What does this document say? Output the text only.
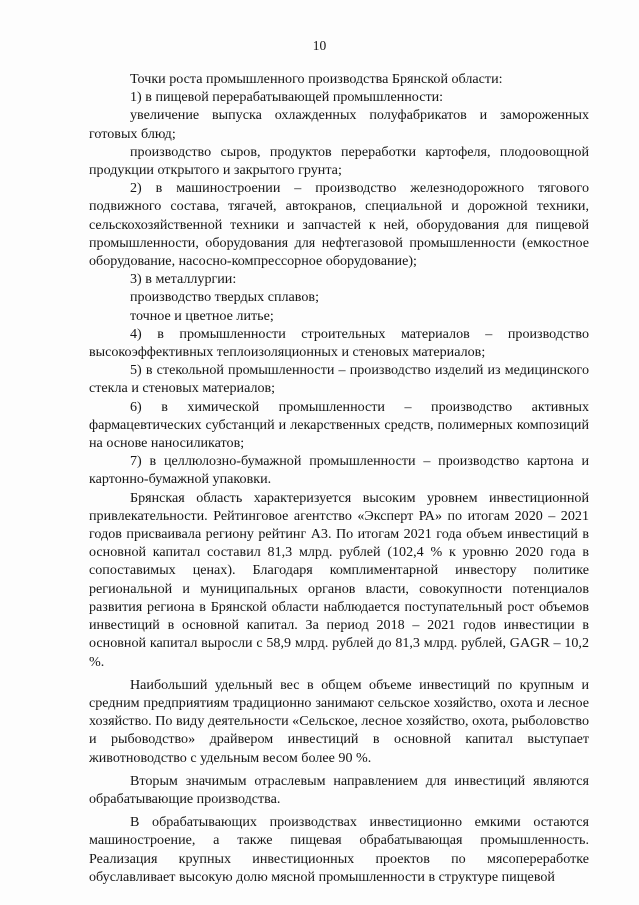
10

Точки роста промышленного производства Брянской области:

1) в пищевой перерабатывающей промышленности:

увеличение выпуска охлажденных полуфабрикатов и замороженных готовых блюд;

производство сыров, продуктов переработки картофеля, плодоовощной продукции открытого и закрытого грунта;

2) в машиностроении – производство железнодорожного тягового подвижного состава, тягачей, автокранов, специальной и дорожной техники, сельскохозяйственной техники и запчастей к ней, оборудования для пищевой промышленности, оборудования для нефтегазовой промышленности (емкостное оборудование, насосно-компрессорное оборудование);

3) в металлургии:

производство твердых сплавов;

точное и цветное литье;

4) в промышленности строительных материалов – производство высокоэффективных теплоизоляционных и стеновых материалов;

5) в стекольной промышленности – производство изделий из медицинского стекла и стеновых материалов;

6) в химической промышленности – производство активных фармацевтических субстанций и лекарственных средств, полимерных композиций на основе наносиликатов;

7) в целлюлозно-бумажной промышленности – производство картона и картонно-бумажной упаковки.

Брянская область характеризуется высоким уровнем инвестиционной привлекательности. Рейтинговое агентство «Эксперт РА» по итогам 2020 – 2021 годов присваивала региону рейтинг А3. По итогам 2021 года объем инвестиций в основной капитал составил 81,3 млрд. рублей (102,4 % к уровню 2020 года в сопоставимых ценах). Благодаря комплиментарной инвестору политике региональной и муниципальных органов власти, совокупности потенциалов развития региона в Брянской области наблюдается поступательный рост объемов инвестиций в основной капитал. За период 2018 – 2021 годов инвестиции в основной капитал выросли с 58,9 млрд. рублей до 81,3 млрд. рублей, GAGR – 10,2 %.

Наибольший удельный вес в общем объеме инвестиций по крупным и средним предприятиям традиционно занимают сельское хозяйство, охота и лесное хозяйство. По виду деятельности «Сельское, лесное хозяйство, охота, рыболовство и рыбоводство» драйвером инвестиций в основной капитал выступает животноводство с удельным весом более 90 %.

Вторым значимым отраслевым направлением для инвестиций являются обрабатывающие производства.

В обрабатывающих производствах инвестиционно емкими остаются машиностроение, а также пищевая обрабатывающая промышленность. Реализация крупных инвестиционных проектов по мясопереработке обуславливает высокую долю мясной промышленности в структуре пищевой
